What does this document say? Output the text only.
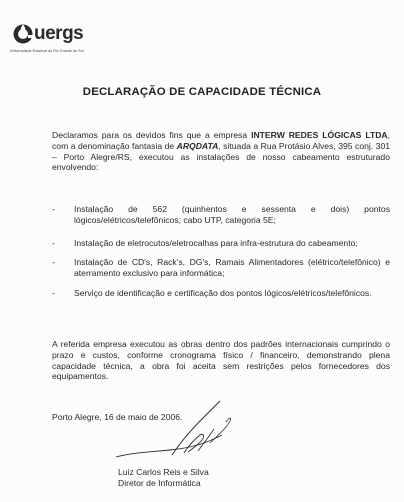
uergs
Universidade Estadual do Rio Grande do Sul
DECLARAÇÃO DE CAPACIDADE TÉCNICA
Declaramos para os devidos fins que a empresa INTERW REDES LÓGICAS LTDA, com a denominação fantasia de ARQDATA, situada a Rua Protásio Alves, 395 conj. 301 – Porto Alegre/RS, executou as instalações de nosso cabeamento estruturado envolvendo:
-	Instalação de 562 (quinhentos e sessenta e dois) pontos lógicos/elétricos/telefônicos; cabo UTP, categoria 5E;
-	Instalação de eletrocutos/eletrocalhas para infra-estrutura do cabeamento;
-	Instalação de CD's, Rack's, DG's, Ramais Alimentadores (elétrico/telefônico) e aterramento exclusivo para informática;
-	Serviço de identificação e certificação dos pontos lógicos/elétricos/telefônicos.
A referida empresa executou as obras dentro dos padrões internacionais cumprindo o prazo e custos, conforme cronograma físico / financeiro, demonstrando plena capacidade técnica, a obra foi aceita sem restrições pelos fornecedores dos equipamentos.
Porto Alegre, 16 de maio de 2006.
Luiz Carlos Reis e Silva
Diretor de Informática
